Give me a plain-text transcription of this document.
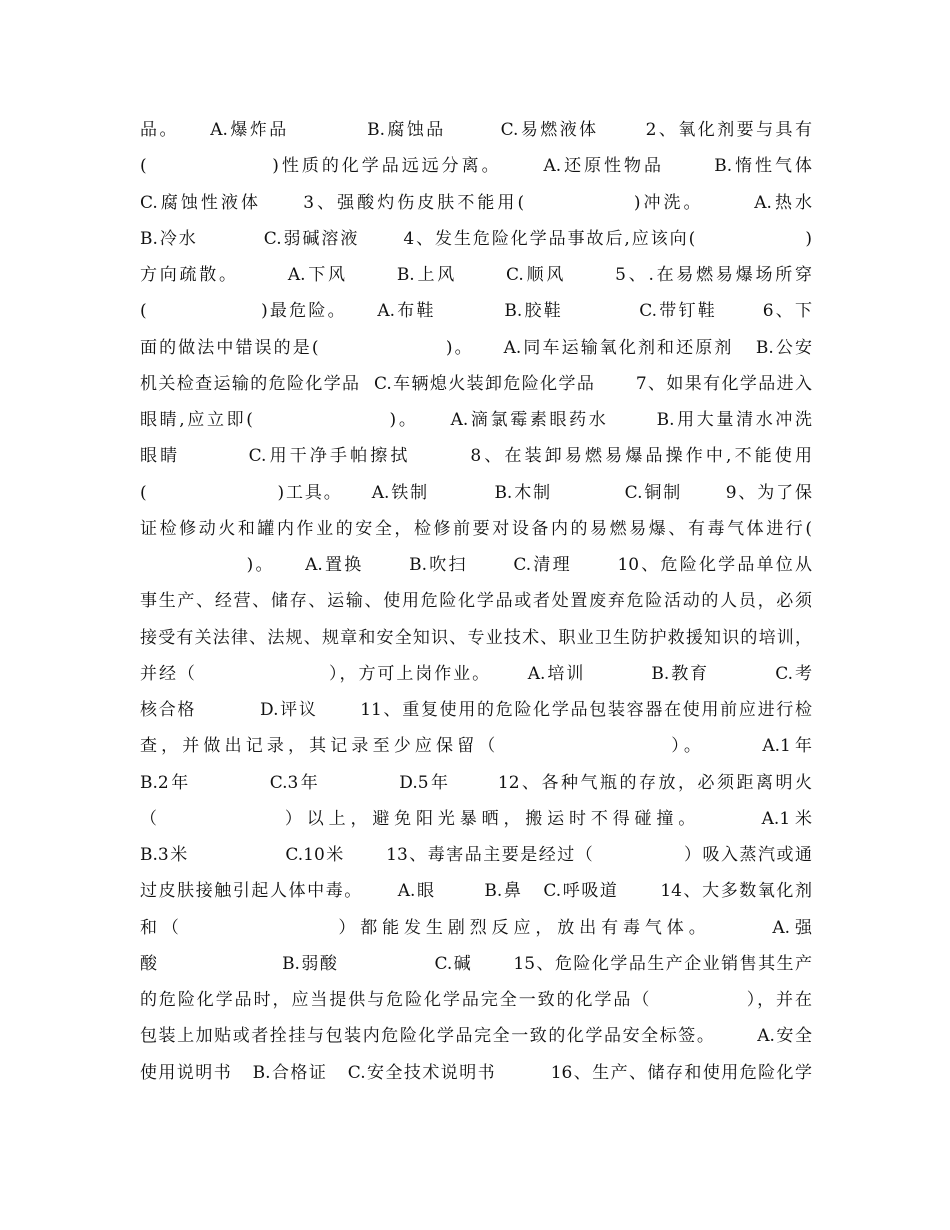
品。    A.爆炸品          B.腐蚀品       C.易燃液体      2、氧化剂要与具有
(               )性质的化学品远远分离。     A.还原性物品      B.惰性气体
C.腐蚀性液体     3、强酸灼伤皮肤不能用(             )冲洗。      A.热水
B.冷水         C.弱碱溶液      4、发生危险化学品事故后,应该向(               )
方向疏散。      A.下风      B.上风      C.顺风      5、.在易燃易爆场所穿
(               )最危险。    A.布鞋         B.胶鞋          C.带钉鞋      6、下
面的做法中错误的是(                 )。    A.同车运输氧化剂和还原剂   B.公安
机关检查运输的危险化学品  C.车辆熄火装卸危险化学品      7、如果有化学品进入
眼睛,应立即(                 )。    A.滴氯霉素眼药水      B.用大量清水冲洗
眼睛        C.用干净手帕擦拭       8、在装卸易燃易爆品操作中,不能使用
(                  )工具。    A.铁制         B.木制          C.铜制      9、为了保
证检修动火和罐内作业的安全，检修前要对设备内的易燃易爆、有毒气体进行(
)。    A.置换      B.吹扫      C.清理      10、危险化学品单位从
事生产、经营、储存、运输、使用危险化学品或者处置废弃危险活动的人员，必须
接受有关法律、法规、规章和安全知识、专业技术、职业卫生防护救援知识的培训，
并经（                  ），方可上岗作业。     A.培训         B.教育         C.考
核合格         D.评议      11、重复使用的危险化学品包装容器在使用前应进行检
查，并做出记录，其记录至少应保留（                  ）。      A.1年
B.2年          C.3年          D.5年      12、各种气瓶的存放，必须距离明火
（            ）以上，避免阳光暴晒，搬运时不得碰撞。      A.1米
B.3米              C.10米      13、毒害品主要是经过（             ）吸入蒸汽或通
过皮肤接触引起人体中毒。     A.眼       B.鼻   C.呼吸道      14、大多数氧化剂
和（               ）都能发生剧烈反应，放出有毒气体。      A.强
酸                  B.弱酸              C.碱      15、危险化学品生产企业销售其生产
的危险化学品时，应当提供与危险化学品完全一致的化学品（             ），并在
包装上加贴或者拴挂与包装内危险化学品完全一致的化学品安全标签。      A.安全
使用说明书   B.合格证   C.安全技术说明书        16、生产、储存和使用危险化学
